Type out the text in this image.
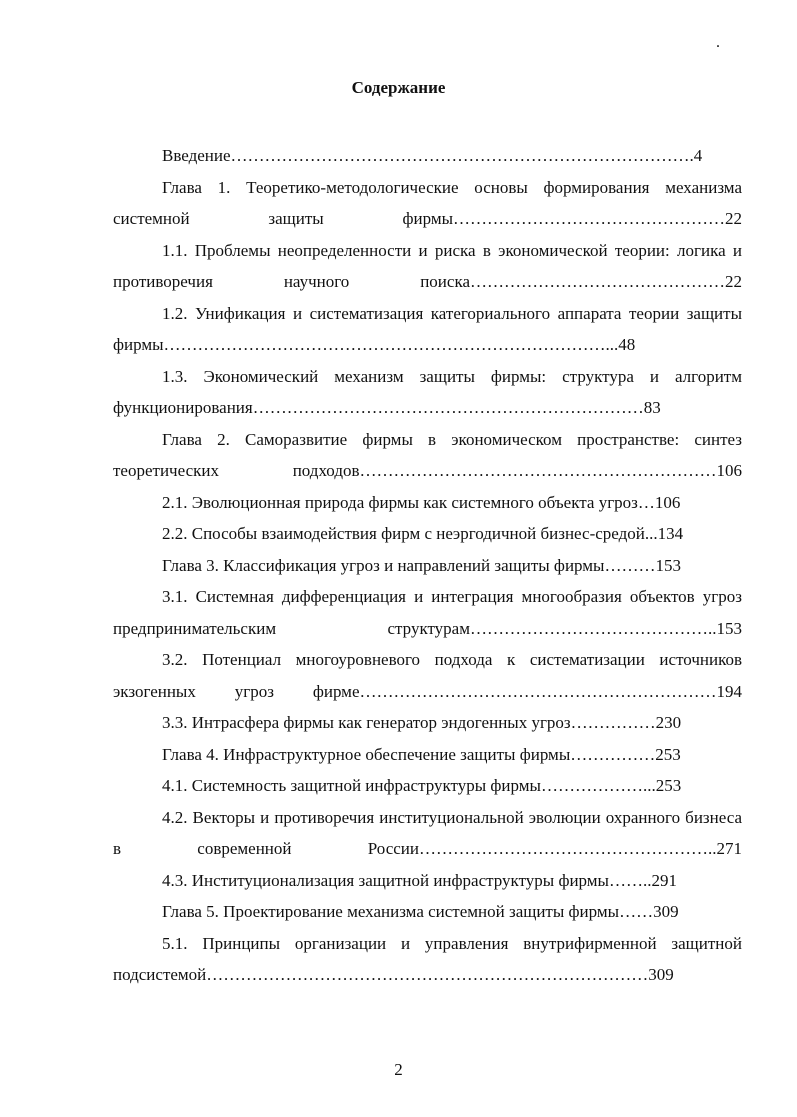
.
Содержание
Введение……………………………………………………………………….4
Глава 1. Теоретико-методологические основы формирования механизма системной защиты фирмы…………………………………………22
1.1. Проблемы неопределенности и риска в экономической теории: логика и противоречия научного поиска………………………………………22
1.2. Унификация и систематизация категориального аппарата теории защиты фирмы……………………………………………………………………...48
1.3. Экономический механизм защиты фирмы: структура и алгоритм функционирования……………………………………………………………83
Глава 2. Саморазвитие фирмы в экономическом пространстве: синтез теоретических подходов………………………………………………………106
2.1. Эволюционная природа фирмы как системного объекта угроз…106
2.2. Способы взаимодействия фирм с неэргодичной бизнес-средой...134
Глава 3. Классификация угроз и направлений защиты фирмы………153
3.1. Системная дифференциация и интеграция многообразия объектов угроз предпринимательским структурам……………………………………..153
3.2. Потенциал многоуровневого подхода к систематизации источников экзогенных угроз фирме………………………………………………………194
3.3. Интрасфера фирмы как генератор эндогенных угроз……………230
Глава 4. Инфраструктурное обеспечение защиты фирмы……………253
4.1. Системность защитной инфраструктуры фирмы………………...253
4.2. Векторы и противоречия институциональной эволюции охранного бизнеса в современной России……………………………………………..271
4.3. Институционализация защитной инфраструктуры фирмы……..291
Глава 5. Проектирование механизма системной защиты фирмы……309
5.1. Принципы организации и управления внутрифирменной защитной подсистемой……………………………………………………………………309
2
